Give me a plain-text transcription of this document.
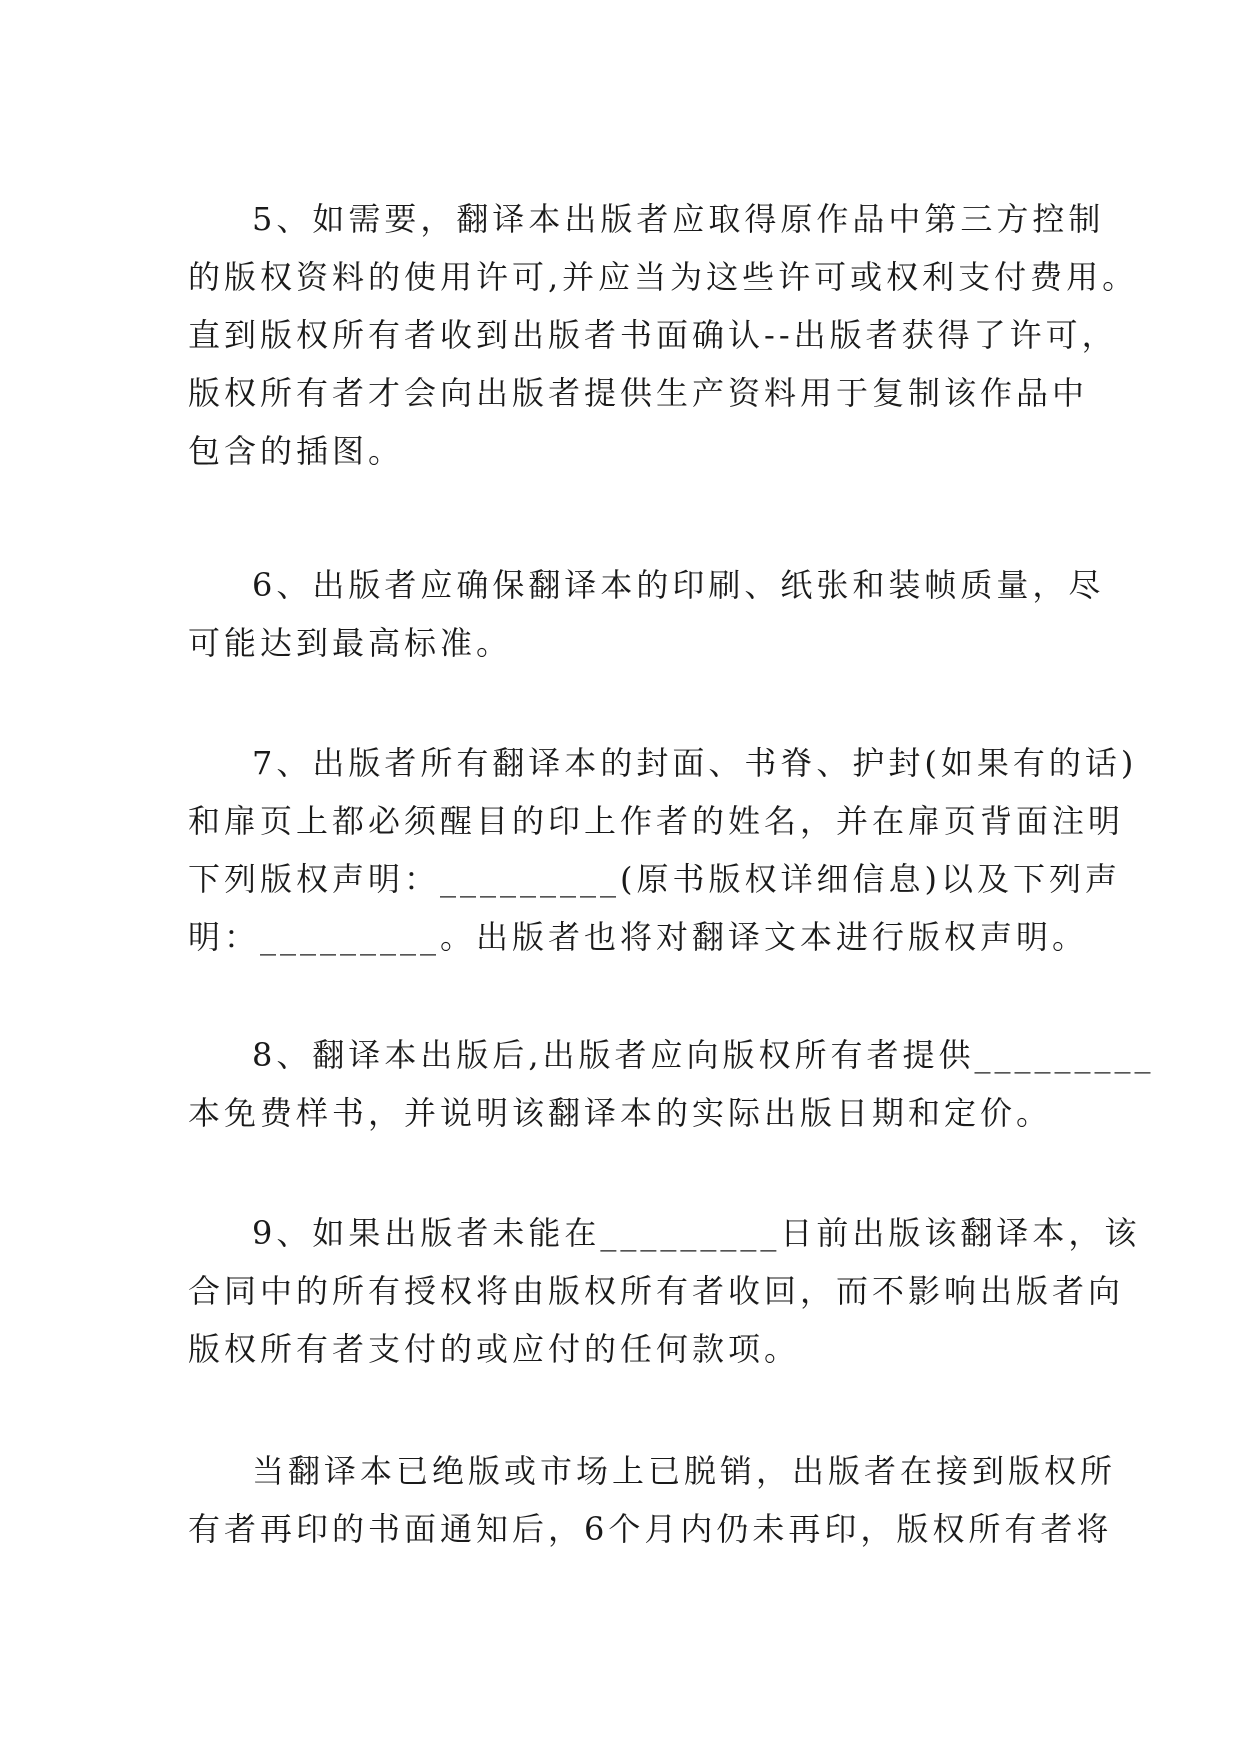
5、如需要，翻译本出版者应取得原作品中第三方控制
的版权资料的使用许可,并应当为这些许可或权利支付费用。
直到版权所有者收到出版者书面确认--出版者获得了许可，
版权所有者才会向出版者提供生产资料用于复制该作品中
包含的插图。
6、出版者应确保翻译本的印刷、纸张和装帧质量，尽
可能达到最高标准。
7、出版者所有翻译本的封面、书脊、护封(如果有的话)
和扉页上都必须醒目的印上作者的姓名，并在扉页背面注明
下列版权声明：_________(原书版权详细信息)以及下列声
明：_________。出版者也将对翻译文本进行版权声明。
8、翻译本出版后,出版者应向版权所有者提供_________
本免费样书，并说明该翻译本的实际出版日期和定价。
9、如果出版者未能在_________日前出版该翻译本，该
合同中的所有授权将由版权所有者收回，而不影响出版者向
版权所有者支付的或应付的任何款项。
当翻译本已绝版或市场上已脱销，出版者在接到版权所
有者再印的书面通知后，6个月内仍未再印，版权所有者将
